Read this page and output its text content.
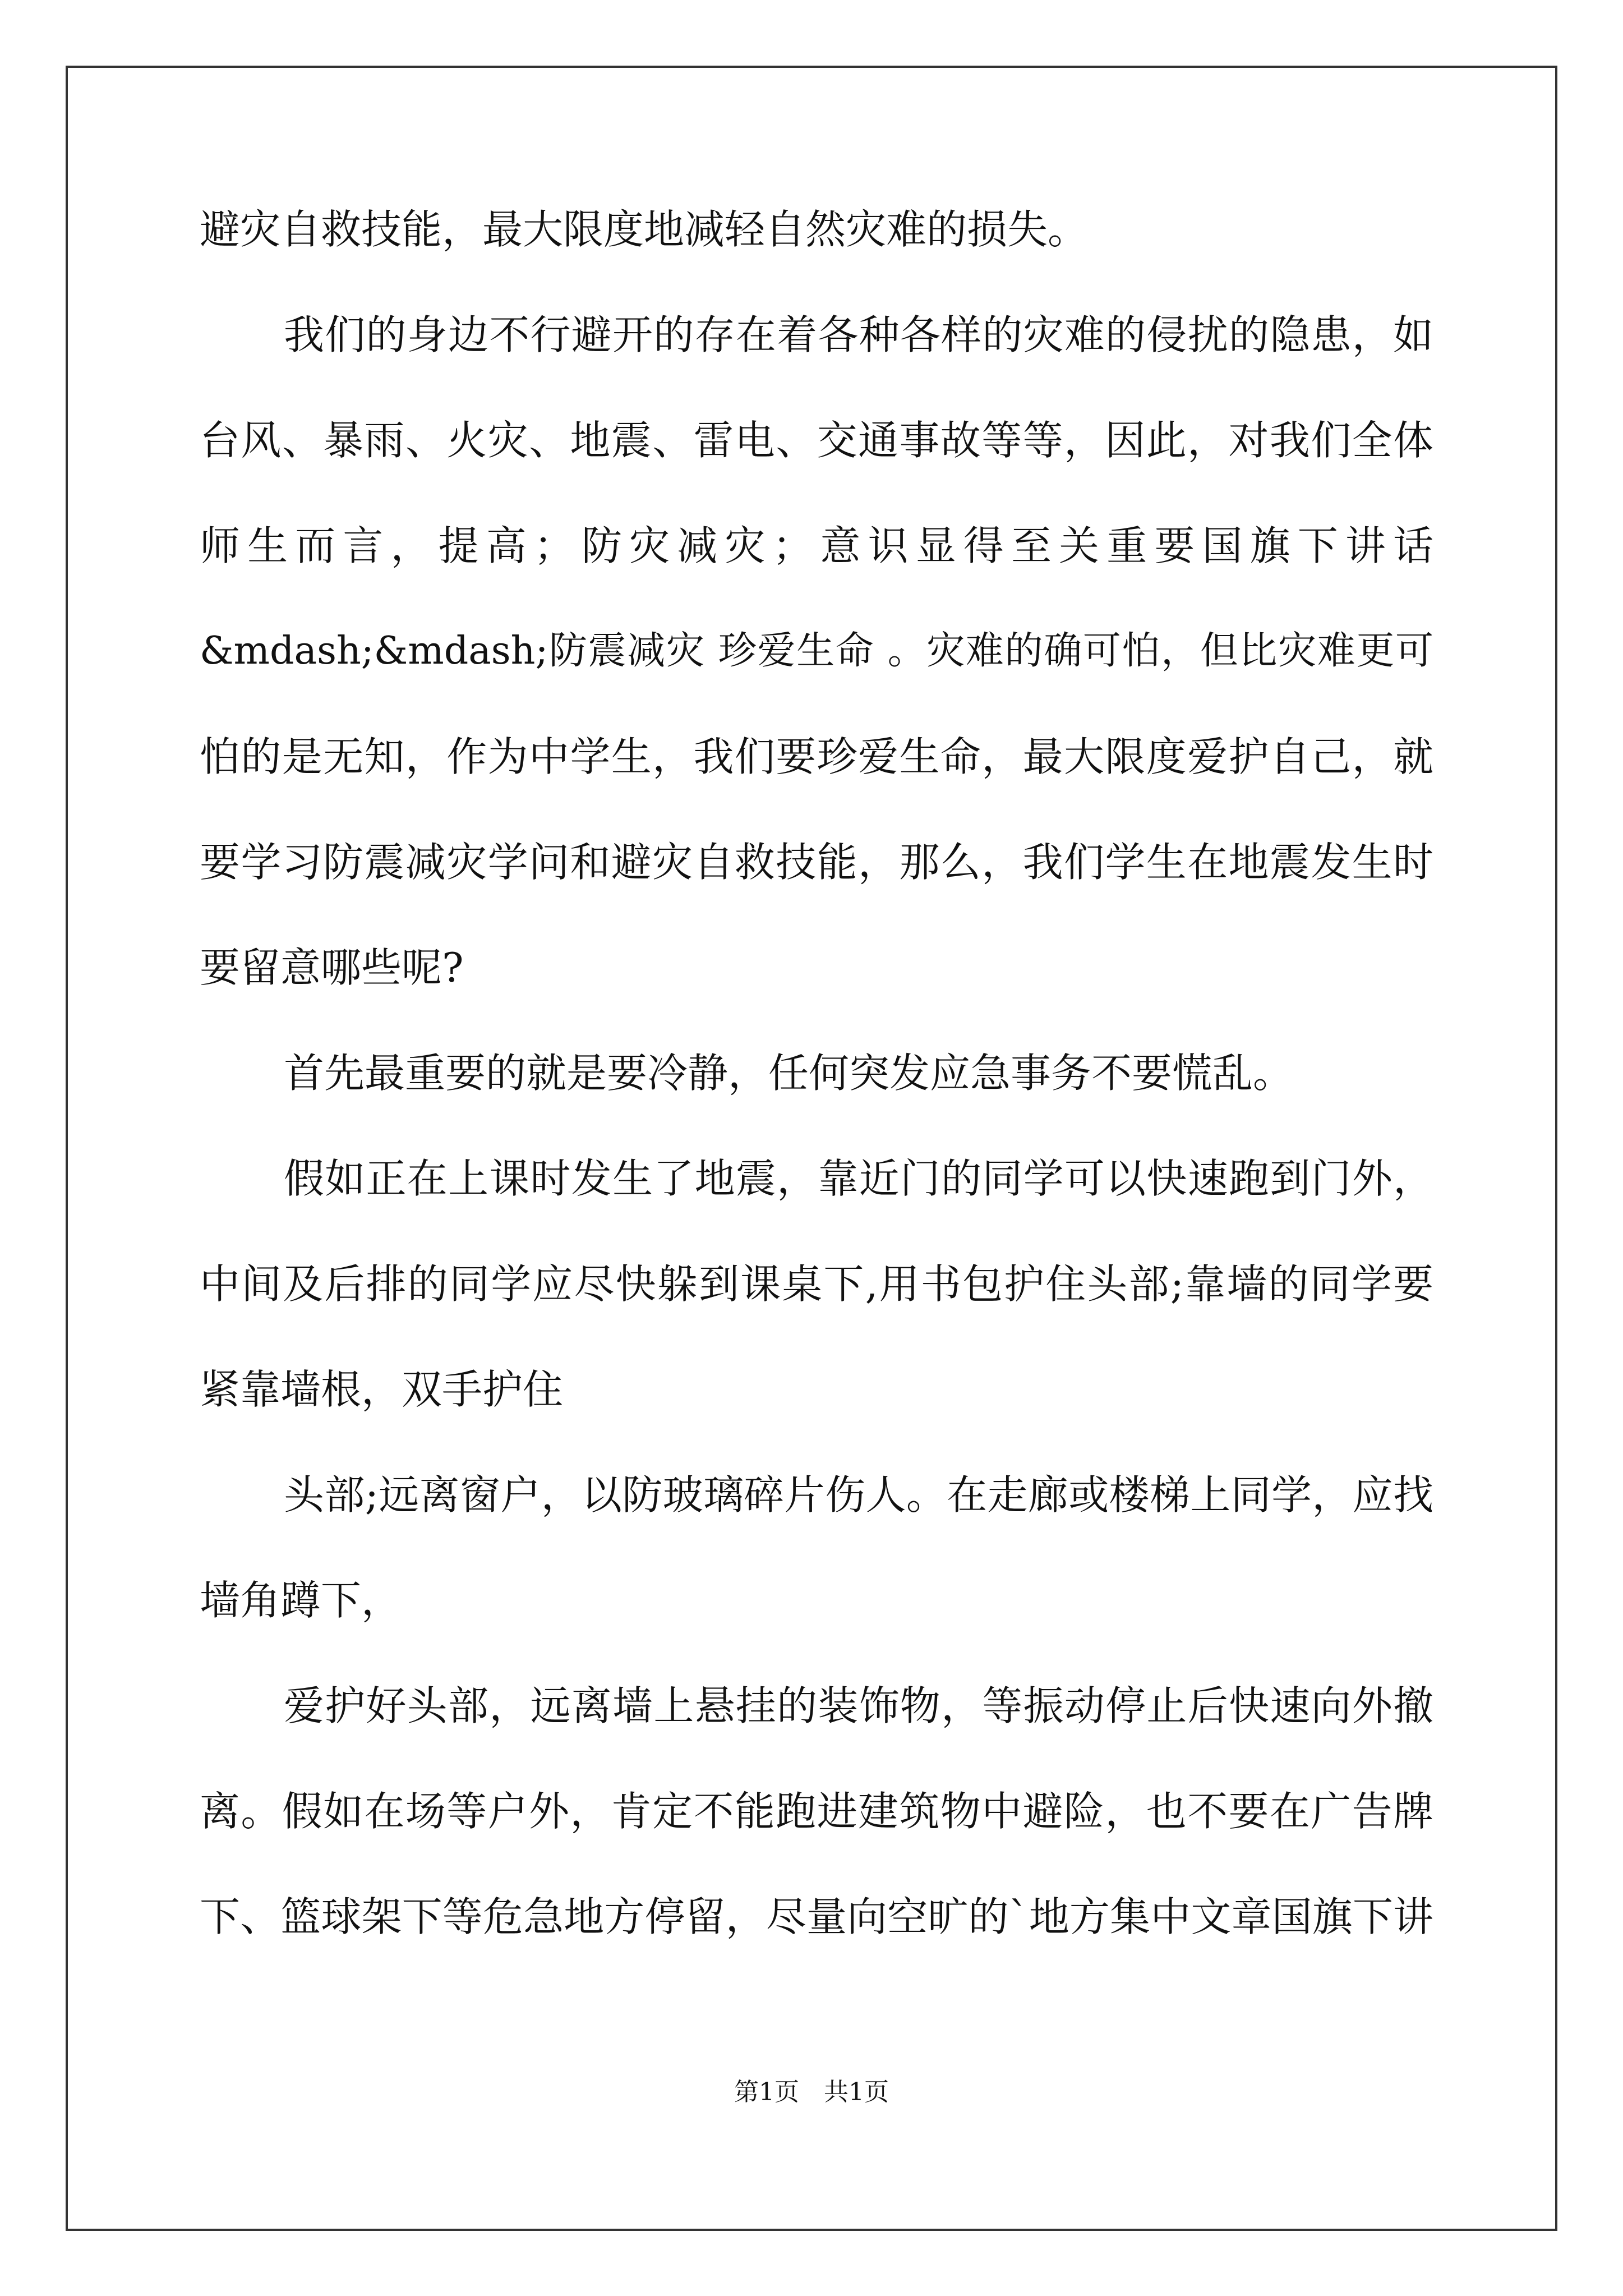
避灾自救技能，最大限度地减轻自然灾难的损失。
我们的身边不行避开的存在着各种各样的灾难的侵扰的隐患，如
台风、暴雨、火灾、地震、雷电、交通事故等等，因此，对我们全体
师生而言，提高；防灾减灾；意识显得至关重要国旗下讲话
&mdash;&mdash;防震减灾 珍爱生命 。灾难的确可怕，但比灾难更可
怕的是无知，作为中学生，我们要珍爱生命，最大限度爱护自己，就
要学习防震减灾学问和避灾自救技能，那么，我们学生在地震发生时
要留意哪些呢?
首先最重要的就是要冷静，任何突发应急事务不要慌乱。
假如正在上课时发生了地震，靠近门的同学可以快速跑到门外，
中间及后排的同学应尽快躲到课桌下,用书包护住头部;靠墙的同学要
紧靠墙根，双手护住
头部;远离窗户，以防玻璃碎片伤人。在走廊或楼梯上同学，应找
墙角蹲下，
爱护好头部，远离墙上悬挂的装饰物，等振动停止后快速向外撤
离。假如在场等户外，肯定不能跑进建筑物中避险，也不要在广告牌
下、篮球架下等危急地方停留，尽量向空旷的`地方集中文章国旗下讲
第1页　共1页
